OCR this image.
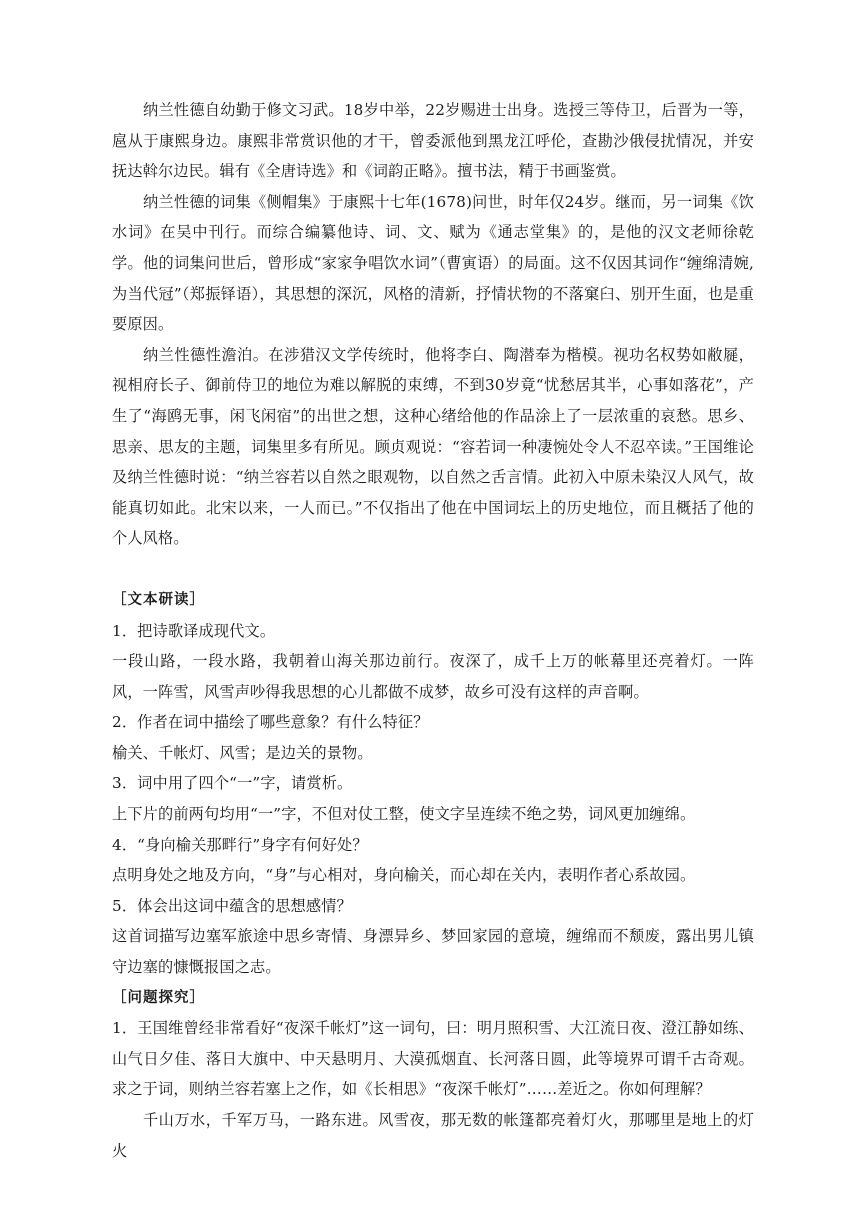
纳兰性德自幼勤于修文习武。18岁中举，22岁赐进士出身。选授三等侍卫，后晋为一等，扈从于康熙身边。康熙非常赏识他的才干，曾委派他到黑龙江呼伦，查勘沙俄侵扰情况，并安抚达斡尔边民。辑有《全唐诗选》和《词韵正略》。擅书法，精于书画鉴赏。

纳兰性德的词集《侧帽集》于康熙十七年(1678)问世，时年仅24岁。继而，另一词集《饮水词》在吴中刊行。而综合编纂他诗、词、文、赋为《通志堂集》的，是他的汉文老师徐乾学。他的词集问世后，曾形成“家家争唱饮水词”（曹寅语）的局面。这不仅因其词作“缠绵清婉,为当代冠”（郑振铎语），其思想的深沉，风格的清新，抒情状物的不落窠臼、别开生面，也是重要原因。

纳兰性德性澹泊。在涉猎汉文学传统时，他将李白、陶潜奉为楷模。视功名权势如敝屣，视相府长子、御前侍卫的地位为难以解脱的束缚，不到30岁竟“忧愁居其半，心事如落花”，产生了“海鸥无事，闲飞闲宿”的出世之想，这种心绪给他的作品涂上了一层浓重的哀愁。思乡、思亲、思友的主题，词集里多有所见。顾贞观说：“容若词一种凄惋处令人不忍卒读。”王国维论及纳兰性德时说：“纳兰容若以自然之眼观物，以自然之舌言情。此初入中原未染汉人风气，故能真切如此。北宋以来，一人而已。”不仅指出了他在中国词坛上的历史地位，而且概括了他的个人风格。

［文本研读］

1．把诗歌译成现代文。

一段山路，一段水路，我朝着山海关那边前行。夜深了，成千上万的帐幕里还亮着灯。一阵风，一阵雪，风雪声吵得我思想的心儿都做不成梦，故乡可没有这样的声音啊。

2．作者在词中描绘了哪些意象？有什么特征？

榆关、千帐灯、风雪；是边关的景物。

3．词中用了四个“一”字，请赏析。

上下片的前两句均用“一”字，不但对仗工整，使文字呈连续不绝之势，词风更加缠绵。

4．“身向榆关那畔行”身字有何好处？

点明身处之地及方向，“身”与心相对，身向榆关，而心却在关内，表明作者心系故园。

5．体会出这词中蕴含的思想感情？

这首词描写边塞军旅途中思乡寄情、身漂异乡、梦回家园的意境，缠绵而不颓废，露出男儿镇守边塞的慷慨报国之志。

［问题探究］

1．王国维曾经非常看好“夜深千帐灯”这一词句，曰：明月照积雪、大江流日夜、澄江静如练、山气日夕佳、落日大旗中、中天悬明月、大漠孤烟直、长河落日圆，此等境界可谓千古奇观。求之于词，则纳兰容若塞上之作，如《长相思》“夜深千帐灯”……差近之。你如何理解？

千山万水，千军万马，一路东进。风雪夜，那无数的帐篷都亮着灯火，那哪里是地上的灯火
